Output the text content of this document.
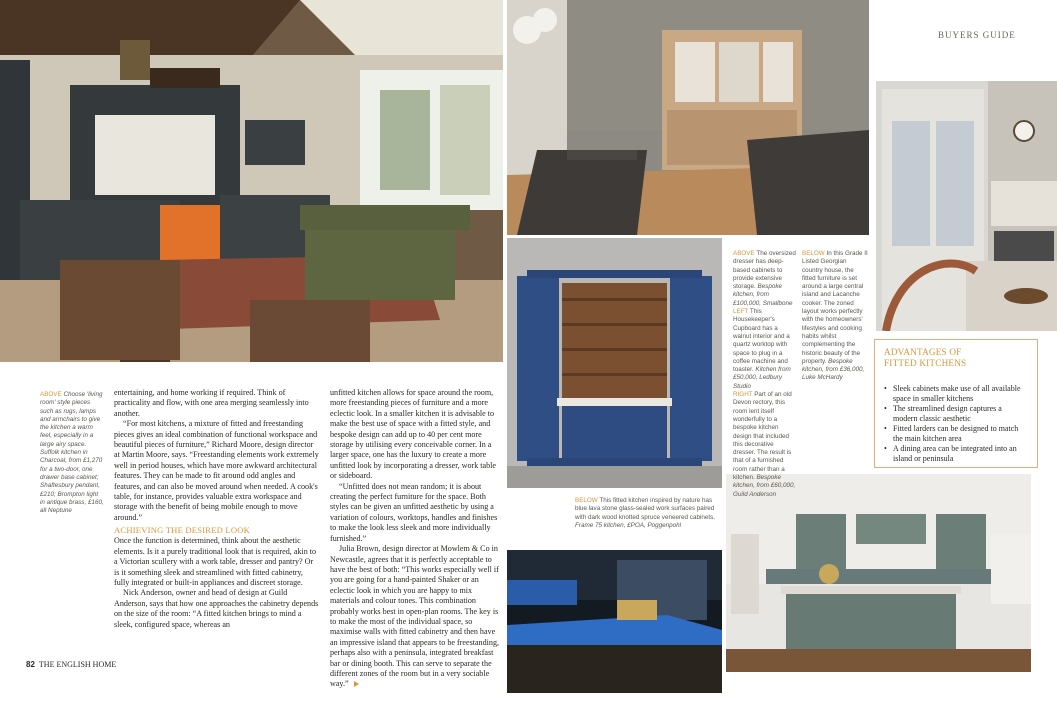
BUYERS GUIDE

ABOVE Choose 'living room' style pieces such as rugs, lamps and armchairs to give the kitchen a warm feel, especially in a large airy space. Suffolk kitchen in Charcoal, from £1,270 for a two-door, one drawer base cabinet; Shaftesbury pendant, £210; Brompton light in antique brass, £160, all Neptune

ABOVE The oversized dresser has deep-based cabinets to provide extensive storage. Bespoke kitchen, from £100,000, Smallbone

LEFT This Housekeeper's Cupboard has a walnut interior and a quartz worktop with space to plug in a coffee machine and toaster. Kitchen from £50,000, Ledbury Studio

RIGHT Part of an old Devon rectory, this room lent itself wonderfully to a bespoke kitchen design that included this decorative dresser. The result is that of a furnished room rather than a kitchen. Bespoke kitchen, from £60,000, Guild Anderson

BELOW In this Grade II Listed Georgian country house, the fitted furniture is set around a large central island and Lacanche cooker. The zoned layout works perfectly with the homeowners' lifestyles and cooking habits whilst complementing the historic beauty of the property. Bespoke kitchen, from £36,000, Luke McHardy

BELOW This fitted kitchen inspired by nature has blue lava stone glass-sealed work surfaces paired with dark wood knotted spruce veneered cabinets. Frame 75 kitchen, £POA, Poggenpohl

entertaining, and home working if required. Think of practicality and flow, with one area merging seamlessly into another.

“For most kitchens, a mixture of fitted and freestanding pieces gives an ideal combination of functional workspace and beautiful pieces of furniture,” Richard Moore, design director at Martin Moore, says. “Freestanding elements work extremely well in period houses, which have more awkward architectural features. They can be made to fit around odd angles and features, and can also be moved around when needed. A cook's table, for instance, provides valuable extra workspace and storage with the benefit of being mobile enough to move around.”

ACHIEVING THE DESIRED LOOK

Once the function is determined, think about the aesthetic elements. Is it a purely traditional look that is required, akin to a Victorian scullery with a work table, dresser and pantry? Or is it something sleek and streamlined with fitted cabinetry, fully integrated or built-in appliances and discreet storage.

Nick Anderson, owner and head of design at Guild Anderson, says that how one approaches the cabinetry depends on the size of the room: “A fitted kitchen brings to mind a sleek, configured space, whereas an

unfitted kitchen allows for space around the room, more freestanding pieces of furniture and a more eclectic look. In a smaller kitchen it is advisable to make the best use of space with a fitted style, and bespoke design can add up to 40 per cent more storage by utilising every conceivable corner. In a larger space, one has the luxury to create a more unfitted look by incorporating a dresser, work table or sideboard.

“Unfitted does not mean random; it is about creating the perfect furniture for the space. Both styles can be given an unfitted aesthetic by using a variation of colours, worktops, handles and finishes to make the look less sleek and more individually furnished.”

Julia Brown, design director at Mowlem & Co in Newcastle, agrees that it is perfectly acceptable to have the best of both: “This works especially well if you are going for a hand-painted Shaker or an eclectic look in which you are happy to mix materials and colour tones. This combination probably works best in open-plan rooms. The key is to make the most of the individual space, so maximise walls with fitted cabinetry and then have an impressive island that appears to be freestanding, perhaps also with a peninsula, integrated breakfast bar or dining booth. This can serve to separate the different zones of the room but in a very sociable way.”

ADVANTAGES OF
FITTED KITCHENS
• Sleek cabinets make use of all available space in smaller kitchens
• The streamlined design captures a modern classic aesthetic
• Fitted larders can be designed to match the main kitchen area
• A dining area can be integrated into an island or peninsula
82 THE ENGLISH HOME
